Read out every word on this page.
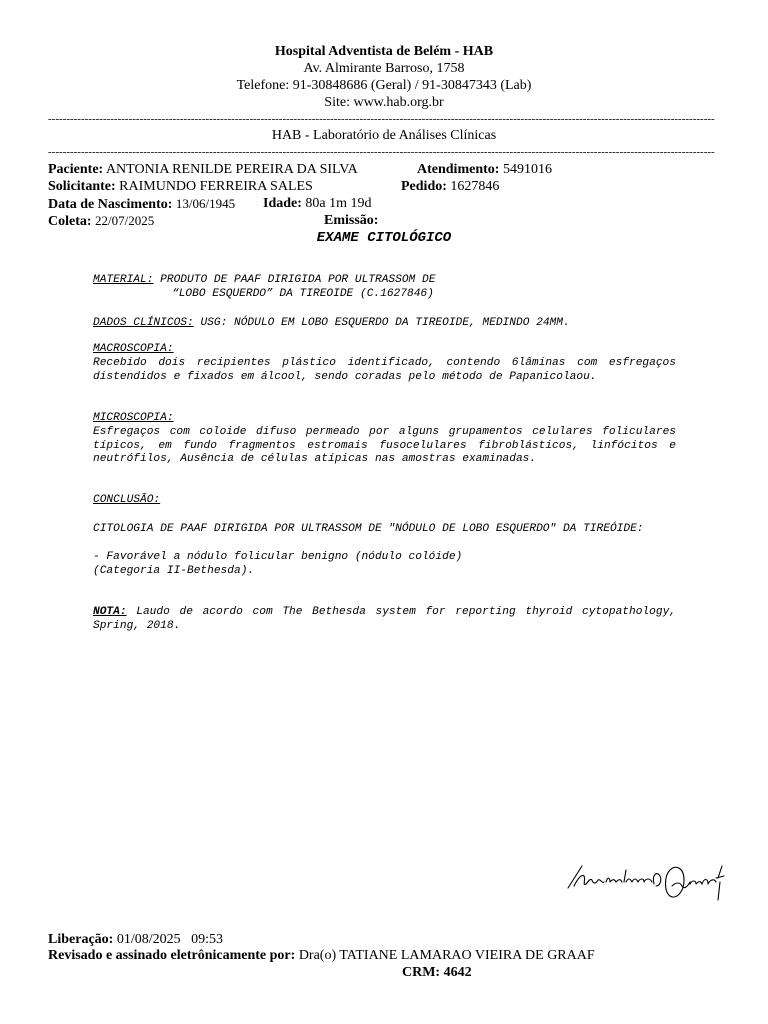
Hospital Adventista de Belém - HAB
Av. Almirante Barroso, 1758
Telefone: 91-30848686 (Geral) / 91-30847343 (Lab)
Site: www.hab.org.br
--------------------------------------------------------------------------------------------------------------------------------------------------------------------------------------
HAB - Laboratório de Análises Clínicas
--------------------------------------------------------------------------------------------------------------------------------------------------------------------------------------
Paciente: ANTONIA RENILDE PEREIRA DA SILVA	Atendimento: 5491016
Solicitante: RAIMUNDO FERREIRA SALES	Pedido: 1627846
Data de Nascimento: 13/06/1945 Idade: 80a 1m 19d
Coleta: 22/07/2025	Emissão:
EXAME CITOLÓGICO
MATERIAL: PRODUTO DE PAAF DIRIGIDA POR ULTRASSOM DE
“LOBO ESQUERDO” DA TIREOIDE (C.1627846)
DADOS CLÍNICOS: USG: NÓDULO EM LOBO ESQUERDO DA TIREOIDE, MEDINDO 24MM.
MACROSCOPIA:
Recebido dois recipientes plástico identificado, contendo 6lâminas com esfregaços distendidos e fixados em álcool, sendo coradas pelo método de Papanicolaou.
MICROSCOPIA:
Esfregaços com coloide difuso permeado por alguns grupamentos celulares foliculares típicos, em fundo fragmentos estromais fusocelulares fibroblásticos, linfócitos e neutrófilos, Ausência de células atípicas nas amostras examinadas.
CONCLUSÃO:
CITOLOGIA DE PAAF DIRIGIDA POR ULTRASSOM DE "NÓDULO DE LOBO ESQUERDO" DA TIREÓIDE:
- Favorável a nódulo folicular benigno (nódulo colóide)
(Categoria II-Bethesda).
NOTA: Laudo de acordo com The Bethesda system for reporting thyroid cytopathology, Spring, 2018.
Liberação: 01/08/2025   09:53
Revisado e assinado eletrônicamente por: Dra(o) TATIANE LAMARAO VIEIRA DE GRAAF
CRM: 4642
